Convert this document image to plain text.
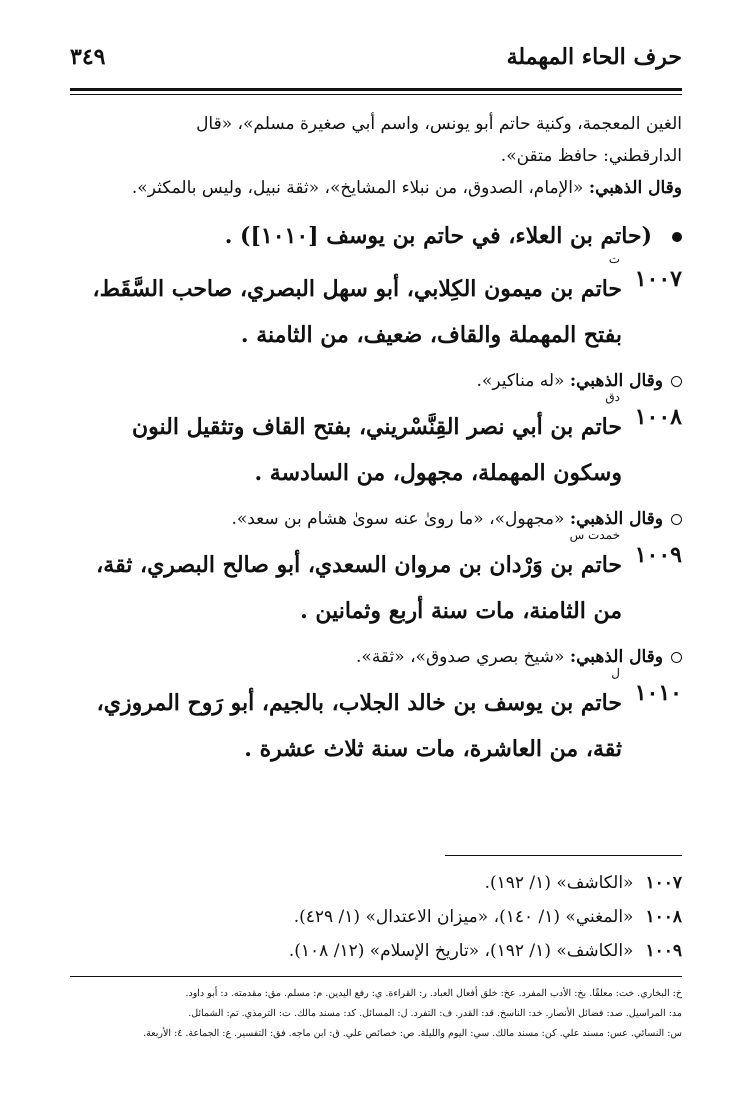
حرف الحاء المهملة
٣٤٩

الغين المعجمة، وكنية حاتم أبو يونس، واسم أبي صغيرة مسلم»، «قال

الدارقطني: حافظ متقن».

وقال الذهبي: «الإمام، الصدوق، من نبلاء المشايخ»، «ثقة نبيل، وليس بالمكثر».

(حاتم بن العلاء، في حاتم بن يوسف [١٠١٠]) .
ت
١٠٠٧
حاتم بن ميمون الكِلابي، أبو سهل البصري، صاحب السَّقَط، بفتح المهملة والقاف، ضعيف، من الثامنة .
وقال الذهبي: «له مناكير».
دق
١٠٠٨
حاتم بن أبي نصر القِنَّسْريني، بفتح القاف وتثقيل النون وسكون المهملة، مجهول، من السادسة .
وقال الذهبي: «مجهول»، «ما روىٰ عنه سوىٰ هشام بن سعد».
خمدت س
١٠٠٩
حاتم بن وَرْدان بن مروان السعدي، أبو صالح البصري، ثقة، من الثامنة، مات سنة أربع وثمانين .
وقال الذهبي: «شيخ بصري صدوق»، «ثقة».
ل
١٠١٠
حاتم بن يوسف بن خالد الجلاب، بالجيم، أبو رَوح المروزي، ثقة، من العاشرة، مات سنة ثلاث عشرة .
١٠٠٧«الكاشف» (١/ ١٩٢).
١٠٠٨«المغني» (١/ ١٤٠)، «ميزان الاعتدال» (١/ ٤٢٩).
١٠٠٩«الكاشف» (١/ ١٩٢)، «تاريخ الإسلام» (١٢/ ١٠٨).
خ: البخاري. خت: معلقًا. بخ: الأدب المفرد. عخ: خلق أفعال العباد. ر: القراءة. ي: رفع اليدين. م: مسلم. مق: مقدمته. د: أبو داود.
مد: المراسيل. صد: فضائل الأنصار. خد: الناسخ. قد: القدر. ف: التفرد. ل: المسائل. كد: مسند مالك. ت: الترمذي. تم: الشمائل.
س: النسائي. عس: مسند علي. كن: مسند مالك. سي: اليوم والليلة. ص: خصائص علي. ق: ابن ماجه. فق: التفسير. ع: الجماعة. ٤: الأربعة.
